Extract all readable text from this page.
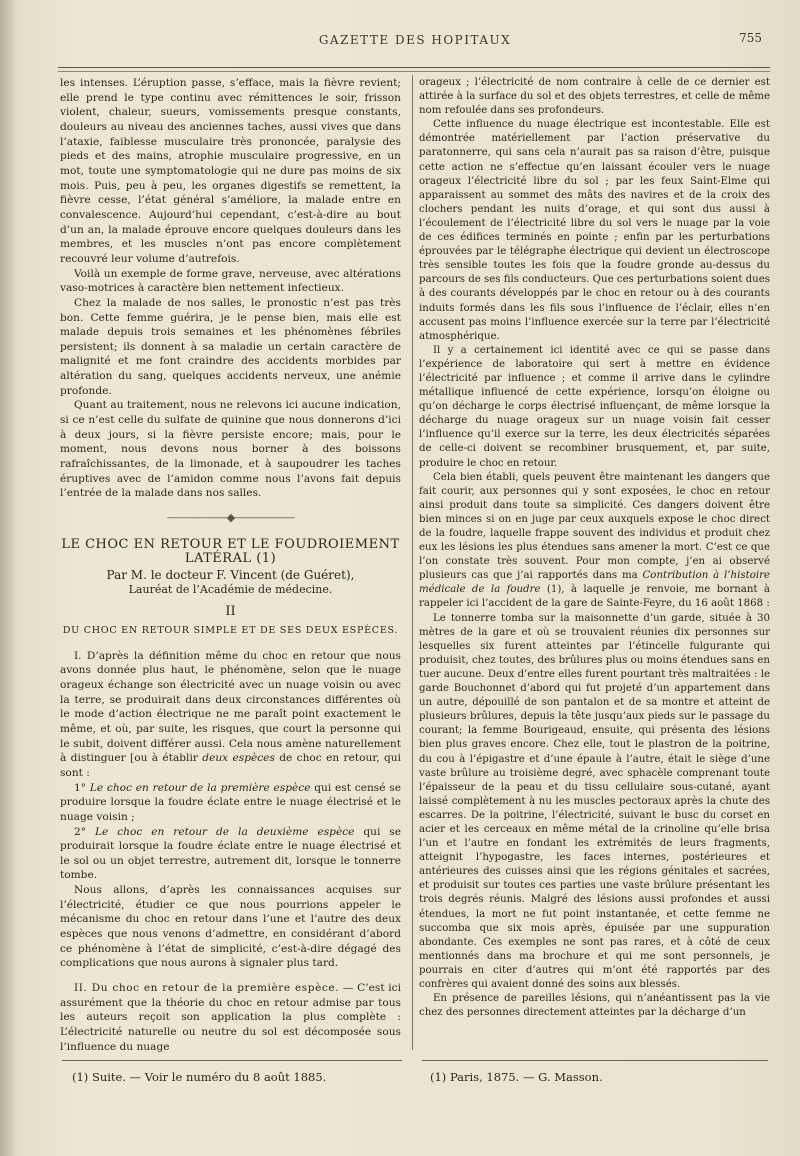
GAZETTE DES HOPITAUX	755

les intenses. L’éruption passe, s’efface, mais la fièvre revient; elle prend le type continu avec rémittences le soir, frisson violent, chaleur, sueurs, vomissements presque constants, douleurs au niveau des anciennes taches, aussi vives que dans l’ataxie, faiblesse musculaire très prononcée, paralysie des pieds et des mains, atrophie musculaire progressive, en un mot, toute une symptomatologie qui ne dure pas moins de six mois. Puis, peu à peu, les organes digestifs se remettent, la fièvre cesse, l’état général s’améliore, la malade entre en convalescence. Aujourd’hui cependant, c’est-à-dire au bout d’un an, la malade éprouve encore quelques douleurs dans les membres, et les muscles n’ont pas encore complètement recouvré leur volume d’autrefois.

Voilà un exemple de forme grave, nerveuse, avec altérations vaso-motrices à caractère bien nettement infectieux.

Chez la malade de nos salles, le pronostic n’est pas très bon. Cette femme guérira, je le pense bien, mais elle est malade depuis trois semaines et les phénomènes fébriles persistent; ils donnent à sa maladie un certain caractère de malignité et me font craindre des accidents morbides par altération du sang, quelques accidents nerveux, une anémie profonde.

Quant au traitement, nous ne relevons ici aucune indication, si ce n’est celle du sulfate de quinine que nous donnerons d’ici à deux jours, si la fièvre persiste encore; mais, pour le moment, nous devons nous borner à des boissons rafraîchissantes, de la limonade, et à saupoudrer les taches éruptives avec de l’amidon comme nous l’avons fait depuis l’entrée de la malade dans nos salles.

——————◆——————
LE CHOC EN RETOUR ET LE FOUDROIEMENT LATÉRAL (1)
Par M. le docteur F. Vincent (de Guéret),
Lauréat de l’Académie de médecine.
II
DU CHOC EN RETOUR SIMPLE ET DE SES DEUX ESPÈCES.

I. D’après la définition même du choc en retour que nous avons donnée plus haut, le phénomène, selon que le nuage orageux échange son électricité avec un nuage voisin ou avec la terre, se produirait dans deux circonstances différentes où le mode d’action électrique ne me paraît point exactement le même, et où, par suite, les risques, que court la personne qui le subit, doivent différer aussi. Cela nous amène naturellement à distinguer [ou à établir deux espèces de choc en retour, qui sont :

1° Le choc en retour de la première espèce qui est censé se produire lorsque la foudre éclate entre le nuage électrisé et le nuage voisin ;

2° Le choc en retour de la deuxième espèce qui se produirait lorsque la foudre éclate entre le nuage électrisé et le sol ou un objet terrestre, autrement dit, lorsque le tonnerre tombe.

Nous allons, d’après les connaissances acquises sur l’électricité, étudier ce que nous pourrions appeler le mécanisme du choc en retour dans l’une et l’autre des deux espèces que nous venons d’admettre, en considérant d’abord ce phénomène à l’état de simplicité, c’est-à-dire dégagé des complications que nous aurons à signaler plus tard.

II. Du choc en retour de la première espèce. — C’est ici assurément que la théorie du choc en retour admise par tous les auteurs reçoit son application la plus complète : L’électricité naturelle ou neutre du sol est décomposée sous l’influence du nuage

orageux ; l’électricité de nom contraire à celle de ce dernier est attirée à la surface du sol et des objets terrestres, et celle de même nom refoulée dans ses profondeurs.

Cette influence du nuage électrique est incontestable. Elle est démontrée matériellement par l’action préservative du paratonnerre, qui sans cela n’aurait pas sa raison d’être, puisque cette action ne s’effectue qu’en laissant écouler vers le nuage orageux l’électricité libre du sol ; par les feux Saint-Elme qui apparaissent au sommet des mâts des navires et de la croix des clochers pendant les nuits d’orage, et qui sont dus aussi à l’écoulement de l’électricité libre du sol vers le nuage par la voie de ces édifices terminés en pointe ; enfin par les perturbations éprouvées par le télégraphe électrique qui devient un électroscope très sensible toutes les fois que la foudre gronde au-dessus du parcours de ses fils conducteurs. Que ces perturbations soient dues à des courants développés par le choc en retour ou à des courants induits formés dans les fils sous l’influence de l’éclair, elles n’en accusent pas moins l’influence exercée sur la terre par l’électricité atmosphérique.

Il y a certainement ici identité avec ce qui se passe dans l’expérience de laboratoire qui sert à mettre en évidence l’électricité par influence ; et comme il arrive dans le cylindre métallique influencé de cette expérience, lorsqu’on éloigne ou qu’on décharge le corps électrisé influençant, de même lorsque la décharge du nuage orageux sur un nuage voisin fait cesser l’influence qu’il exerce sur la terre, les deux électricités séparées de celle-ci doivent se recombiner brusquement, et, par suite, produire le choc en retour.

Cela bien établi, quels peuvent être maintenant les dangers que fait courir, aux personnes qui y sont exposées, le choc en retour ainsi produit dans toute sa simplicité. Ces dangers doivent être bien minces si on en juge par ceux auxquels expose le choc direct de la foudre, laquelle frappe souvent des individus et produit chez eux les lésions les plus étendues sans amener la mort. C’est ce que l’on constate très souvent. Pour mon compte, j’en ai observé plusieurs cas que j’ai rapportés dans ma Contribution à l’histoire médicale de la foudre (1), à laquelle je renvoie, me bornant à rappeler ici l’accident de la gare de Sainte-Feyre, du 16 août 1868 :

Le tonnerre tomba sur la maisonnette d’un garde, située à 30 mètres de la gare et où se trouvaient réunies dix personnes sur lesquelles six furent atteintes par l’étincelle fulgurante qui produisit, chez toutes, des brûlures plus ou moins étendues sans en tuer aucune. Deux d’entre elles furent pourtant très maltraitées : le garde Bouchonnet d’abord qui fut projeté d’un appartement dans un autre, dépouillé de son pantalon et de sa montre et atteint de plusieurs brûlures, depuis la tête jusqu’aux pieds sur le passage du courant; la femme Bourigeaud, ensuite, qui présenta des lésions bien plus graves encore. Chez elle, tout le plastron de la poitrine, du cou à l’épigastre et d’une épaule à l’autre, était le siège d’une vaste brûlure au troisième degré, avec sphacèle comprenant toute l’épaisseur de la peau et du tissu cellulaire sous-cutané, ayant laissé complètement à nu les muscles pectoraux après la chute des escarres. De la poitrine, l’électricité, suivant le busc du corset en acier et les cerceaux en même métal de la crinoline qu’elle brisa l’un et l’autre en fondant les extrémités de leurs fragments, atteignit l’hypogastre, les faces internes, postérieures et antérieures des cuisses ainsi que les régions génitales et sacrées, et produisit sur toutes ces parties une vaste brûlure présentant les trois degrés réunis. Malgré des lésions aussi profondes et aussi étendues, la mort ne fut point instantanée, et cette femme ne succomba que six mois après, épuisée par une suppuration abondante. Ces exemples ne sont pas rares, et à côté de ceux mentionnés dans ma brochure et qui me sont personnels, je pourrais en citer d’autres qui m’ont été rapportés par des confrères qui avaient donné des soins aux blessés.

En présence de pareilles lésions, qui n’anéantissent pas la vie chez des personnes directement atteintes par la décharge d’un

(1) Suite. — Voir le numéro du 8 août 1885.	(1) Paris, 1875. — G. Masson.
